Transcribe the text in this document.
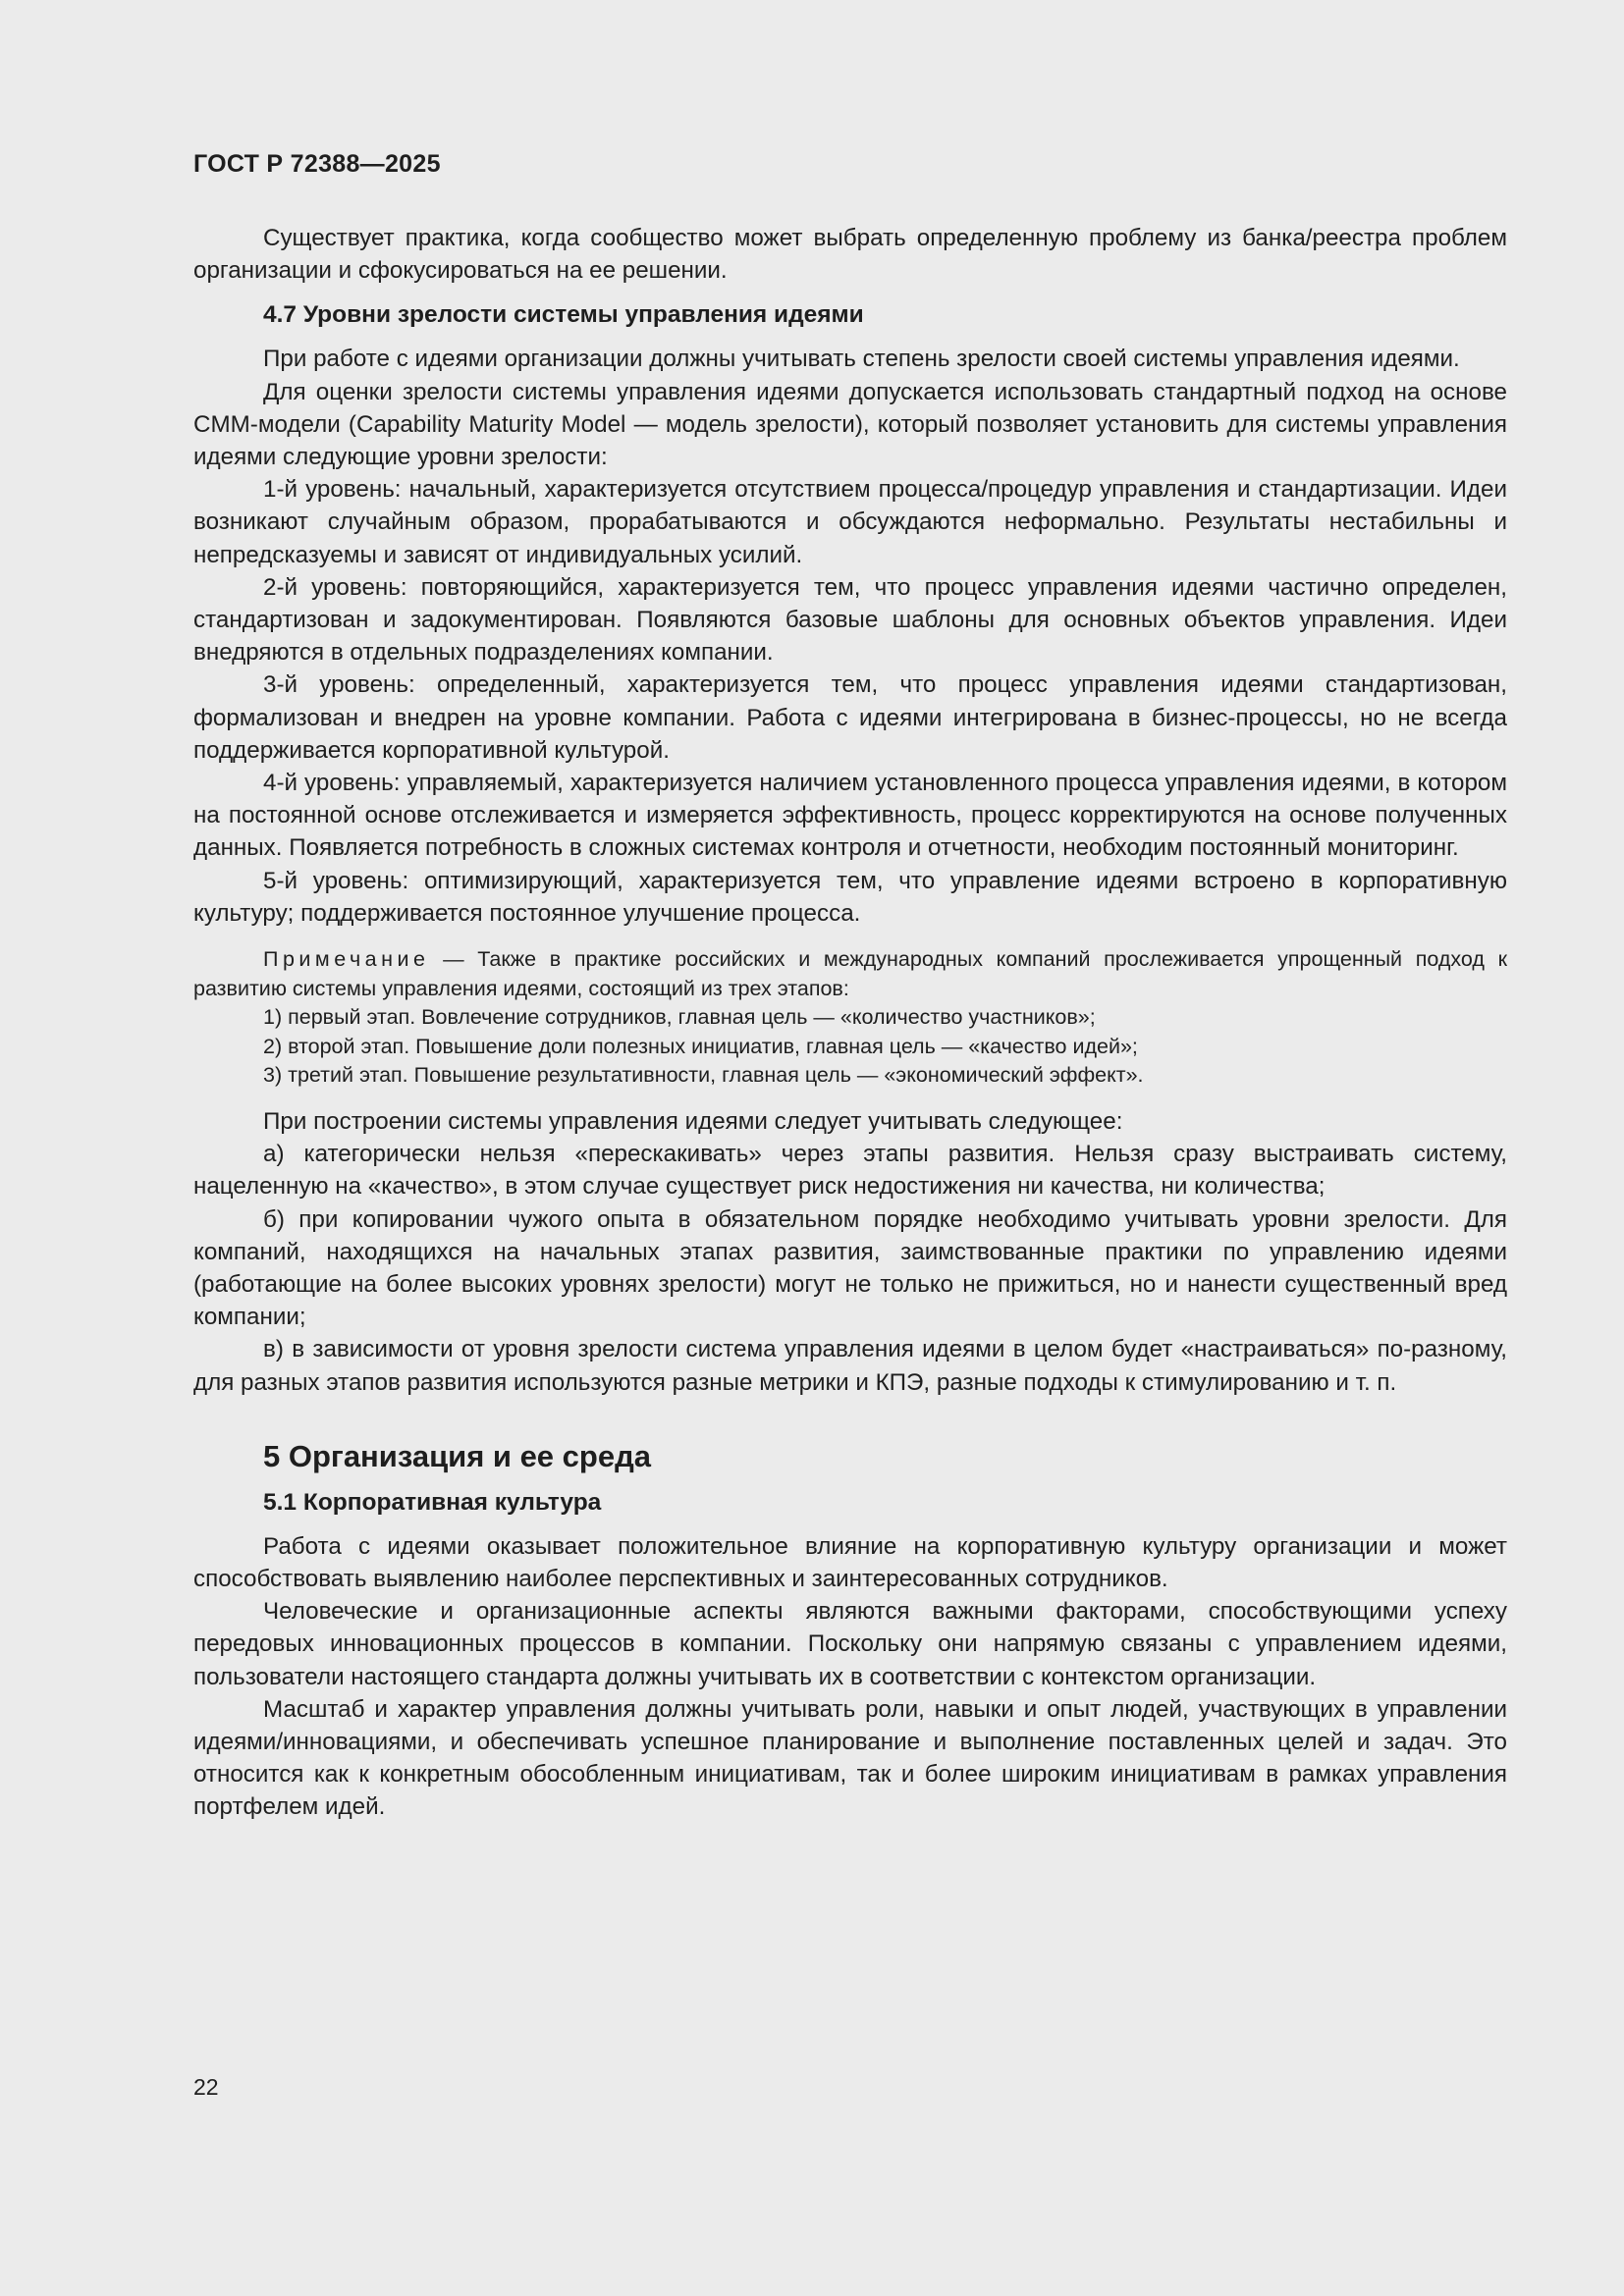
ГОСТ Р 72388—2025

Существует практика, когда сообщество может выбрать определенную проблему из банка/реестра проблем организации и сфокусироваться на ее решении.

4.7 Уровни зрелости системы управления идеями

При работе с идеями организации должны учитывать степень зрелости своей системы управления идеями.

Для оценки зрелости системы управления идеями допускается использовать стандартный подход на основе CMM-модели (Capability Maturity Model — модель зрелости), который позволяет установить для системы управления идеями следующие уровни зрелости:

1-й уровень: начальный, характеризуется отсутствием процесса/процедур управления и стандартизации. Идеи возникают случайным образом, прорабатываются и обсуждаются неформально. Результаты нестабильны и непредсказуемы и зависят от индивидуальных усилий.

2-й уровень: повторяющийся, характеризуется тем, что процесс управления идеями частично определен, стандартизован и задокументирован. Появляются базовые шаблоны для основных объектов управления. Идеи внедряются в отдельных подразделениях компании.

3-й уровень: определенный, характеризуется тем, что процесс управления идеями стандартизован, формализован и внедрен на уровне компании. Работа с идеями интегрирована в бизнес-процессы, но не всегда поддерживается корпоративной культурой.

4-й уровень: управляемый, характеризуется наличием установленного процесса управления идеями, в котором на постоянной основе отслеживается и измеряется эффективность, процесс корректируются на основе полученных данных. Появляется потребность в сложных системах контроля и отчетности, необходим постоянный мониторинг.

5-й уровень: оптимизирующий, характеризуется тем, что управление идеями встроено в корпоративную культуру; поддерживается постоянное улучшение процесса.

Примечание — Также в практике российских и международных компаний прослеживается упрощенный подход к развитию системы управления идеями, состоящий из трех этапов:

1) первый этап. Вовлечение сотрудников, главная цель — «количество участников»;

2) второй этап. Повышение доли полезных инициатив, главная цель — «качество идей»;

3) третий этап. Повышение результативности, главная цель — «экономический эффект».

При построении системы управления идеями следует учитывать следующее:

а) категорически нельзя «перескакивать» через этапы развития. Нельзя сразу выстраивать систему, нацеленную на «качество», в этом случае существует риск недостижения ни качества, ни количества;

б) при копировании чужого опыта в обязательном порядке необходимо учитывать уровни зрелости. Для компаний, находящихся на начальных этапах развития, заимствованные практики по управлению идеями (работающие на более высоких уровнях зрелости) могут не только не прижиться, но и нанести существенный вред компании;

в) в зависимости от уровня зрелости система управления идеями в целом будет «настраиваться» по-разному, для разных этапов развития используются разные метрики и КПЭ, разные подходы к стимулированию и т. п.

5 Организация и ее среда
5.1 Корпоративная культура

Работа с идеями оказывает положительное влияние на корпоративную культуру организации и может способствовать выявлению наиболее перспективных и заинтересованных сотрудников.

Человеческие и организационные аспекты являются важными факторами, способствующими успеху передовых инновационных процессов в компании. Поскольку они напрямую связаны с управлением идеями, пользователи настоящего стандарта должны учитывать их в соответствии с контекстом организации.

Масштаб и характер управления должны учитывать роли, навыки и опыт людей, участвующих в управлении идеями/инновациями, и обеспечивать успешное планирование и выполнение поставленных целей и задач. Это относится как к конкретным обособленным инициативам, так и более широким инициативам в рамках управления портфелем идей.

22
